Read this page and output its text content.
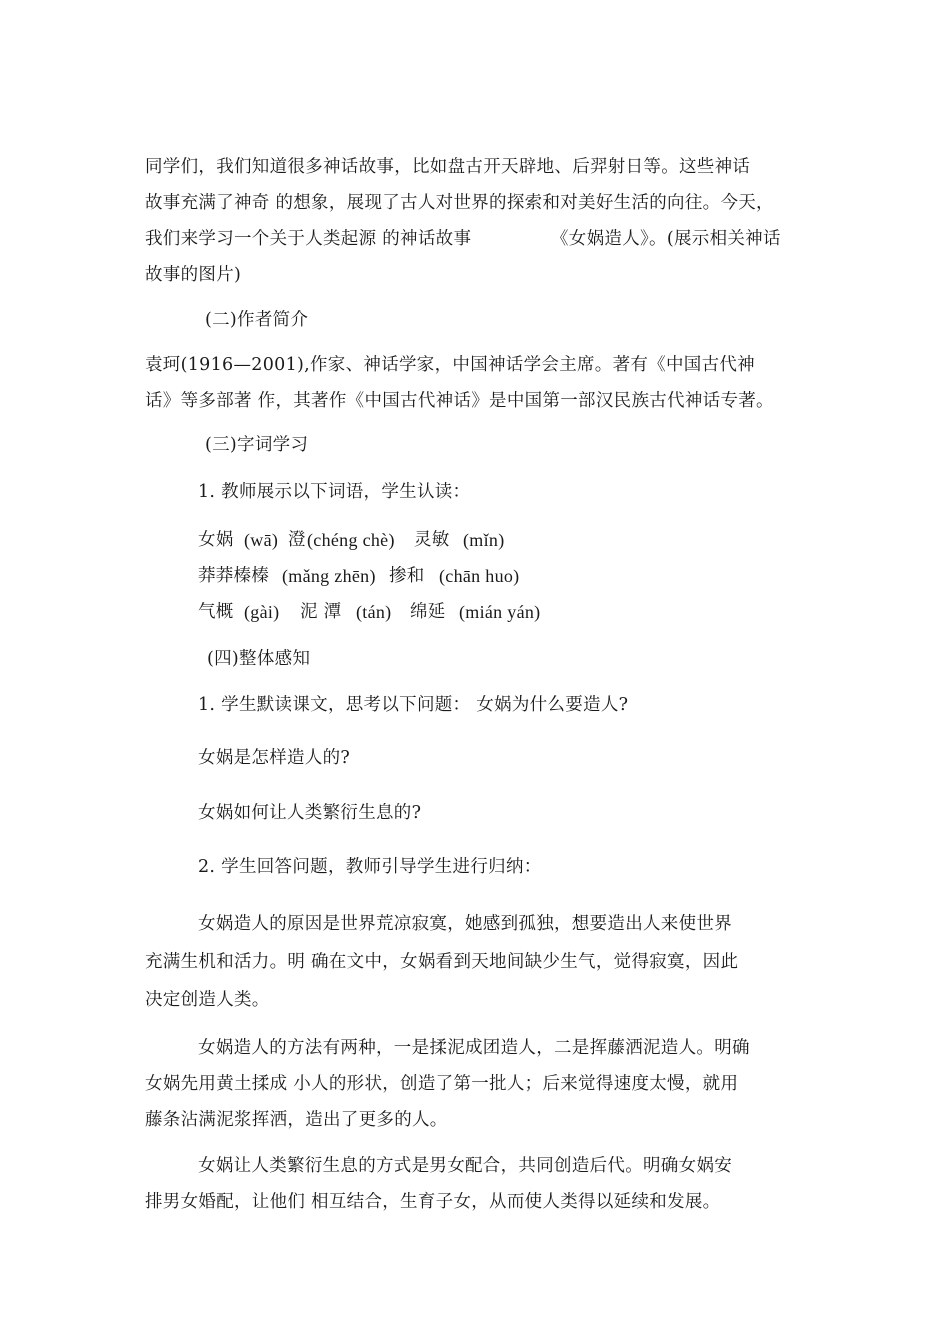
同学们，我们知道很多神话故事，比如盘古开天辟地、后羿射日等。这些神话
故事充满了神奇 的想象，展现了古人对世界的探索和对美好生活的向往。今天，
我们来学习一个关于人类起源 的神话故事	《女娲造人》。(展示相关神话
故事的图片)
(二)作者简介
袁珂(1916—2001),作家、神话学家，中国神话学会主席。著有《中国古代神
话》等多部著 作，其著作《中国古代神话》是中国第一部汉民族古代神话专著。
(三)字词学习
1. 教师展示以下词语，学生认读：
女娲 (wā) 澄 (chéng chè) 灵敏 (mǐn)
莽莽榛榛 (mǎng zhēn) 掺和 (chān huo)
气概 (gài) 泥 潭 (tán) 绵延 (mián yán)
(四)整体感知
1. 学生默读课文，思考以下问题： 女娲为什么要造人?
女娲是怎样造人的?
女娲如何让人类繁衍生息的?
2. 学生回答问题，教师引导学生进行归纳：
女娲造人的原因是世界荒凉寂寞，她感到孤独，想要造出人来使世界
充满生机和活力。明 确在文中，女娲看到天地间缺少生气，觉得寂寞，因此
决定创造人类。
女娲造人的方法有两种，一是揉泥成团造人，二是挥藤洒泥造人。明确
女娲先用黄土揉成 小人的形状，创造了第一批人；后来觉得速度太慢，就用
藤条沾满泥浆挥洒，造出了更多的人。
女娲让人类繁衍生息的方式是男女配合，共同创造后代。明确女娲安
排男女婚配，让他们 相互结合，生育子女，从而使人类得以延续和发展。
